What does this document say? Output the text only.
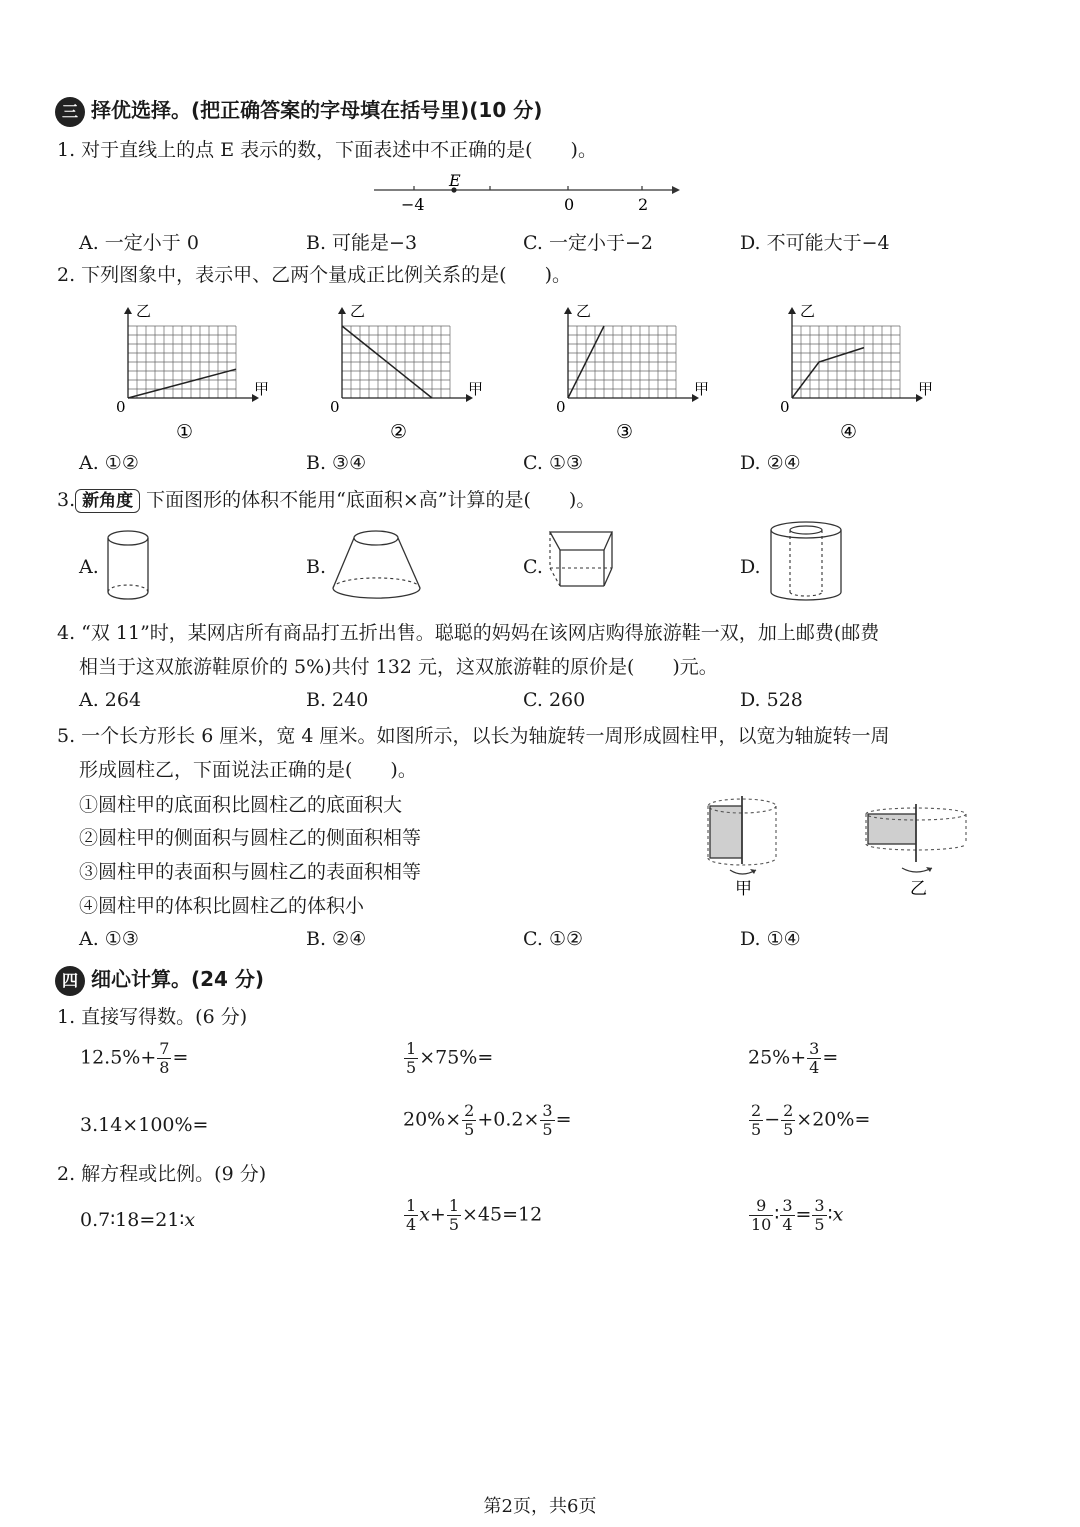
三 择优选择。(把正确答案的字母填在括号里)(10 分)
1. 对于直线上的点 E 表示的数，下面表述中不正确的是(　　)。
E
−4	0	2
A. 一定小于 0	B. 可能是−3	C. 一定小于−2	D. 不可能大于−4
2. 下列图象中，表示甲、乙两个量成正比例关系的是(　　)。
乙
甲
0
①
乙
甲
0
②
乙
甲
0
③
乙
甲
0
④
A. ①②	B. ③④	C. ①③	D. ②④
3. 新角度 下面图形的体积不能用“底面积×高”计算的是(　　)。
A.	B.	C.	D.
4. “双 11”时，某网店所有商品打五折出售。聪聪的妈妈在该网店购得旅游鞋一双，加上邮费(邮费
相当于这双旅游鞋原价的 5%)共付 132 元，这双旅游鞋的原价是(　　)元。
A. 264	B. 240	C. 260	D. 528
5. 一个长方形长 6 厘米，宽 4 厘米。如图所示，以长为轴旋转一周形成圆柱甲，以宽为轴旋转一周
形成圆柱乙，下面说法正确的是(　　)。
①圆柱甲的底面积比圆柱乙的底面积大
②圆柱甲的侧面积与圆柱乙的侧面积相等
③圆柱甲的表面积与圆柱乙的表面积相等
④圆柱甲的体积比圆柱乙的体积小
甲	乙
A. ①③	B. ②④	C. ①②	D. ①④
四 细心计算。(24 分)
1. 直接写得数。(6 分)
$12.5\%+ \frac{7}{8}$ =	$\frac{1}{5} \times 75\%=$	$25\%+ \frac{3}{4}$ =
3.14×100%=	$20\%\times \frac{2}{5} +0.2\times \frac{3}{5}$ =	$\frac{2}{5} - \frac{2}{5} \times 20\%=$
2. 解方程或比例。(9 分)
0.7∶18=21∶x	$\frac{1}{4} x+ \frac{1}{5} \times 45=12$	$\frac{9}{10}$ ∶ $\frac{3}{4} = \frac{3}{5}$ ∶x
第2页，共6页
